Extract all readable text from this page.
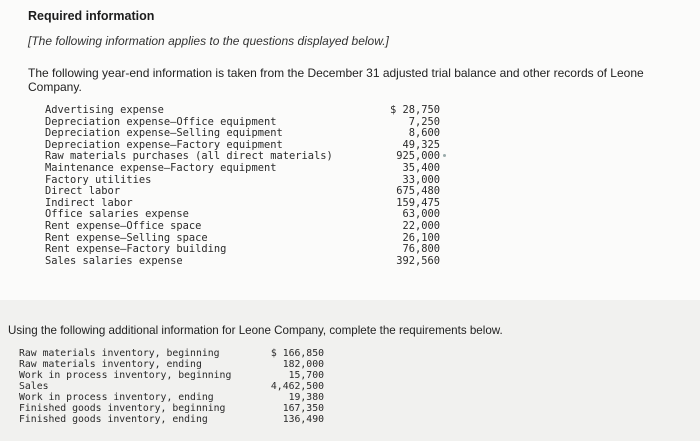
Required information
[The following information applies to the questions displayed below.]
The following year-end information is taken from the December 31 adjusted trial balance and other records of Leone Company.
Advertising expense	$ 28,750
Depreciation expense—Office equipment	7,250
Depreciation expense—Selling equipment	8,600
Depreciation expense—Factory equipment	49,325
Raw materials purchases (all direct materials)	925,000
Maintenance expense—Factory equipment	35,400
Factory utilities	33,000
Direct labor	675,480
Indirect labor	159,475
Office salaries expense	63,000
Rent expense—Office space	22,000
Rent expense—Selling space	26,100
Rent expense—Factory building	76,800
Sales salaries expense	392,560
Using the following additional information for Leone Company, complete the requirements below.
Raw materials inventory, beginning	$ 166,850
Raw materials inventory, ending	182,000
Work in process inventory, beginning	15,700
Sales	4,462,500
Work in process inventory, ending	19,380
Finished goods inventory, beginning	167,350
Finished goods inventory, ending	136,490
